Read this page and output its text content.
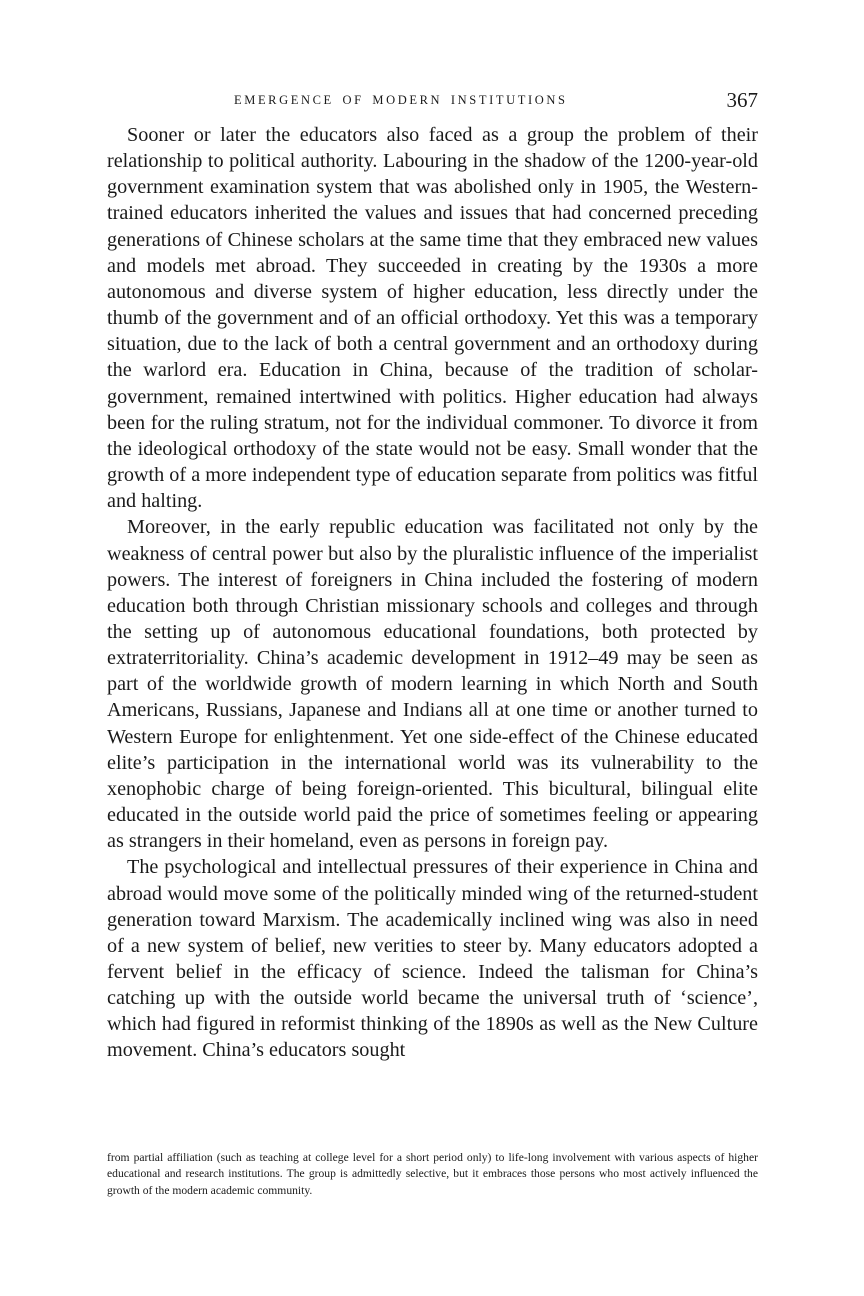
EMERGENCE OF MODERN INSTITUTIONS	367

Sooner or later the educators also faced as a group the problem of their relationship to political authority. Labouring in the shadow of the 1200-year-old government examination system that was abolished only in 1905, the Western-trained educators inherited the values and issues that had concerned preceding generations of Chinese scholars at the same time that they embraced new values and models met abroad. They succeeded in creating by the 1930s a more autonomous and diverse system of higher education, less directly under the thumb of the government and of an official orthodoxy. Yet this was a temporary situation, due to the lack of both a central government and an orthodoxy during the warlord era. Education in China, because of the tradition of scholar-government, remained intertwined with politics. Higher education had always been for the ruling stratum, not for the individual commoner. To divorce it from the ideological orthodoxy of the state would not be easy. Small wonder that the growth of a more independent type of education separate from politics was fitful and halting.

Moreover, in the early republic education was facilitated not only by the weakness of central power but also by the pluralistic influence of the imperialist powers. The interest of foreigners in China included the fostering of modern education both through Christian missionary schools and colleges and through the setting up of autonomous educational foundations, both protected by extraterritoriality. China’s academic development in 1912–49 may be seen as part of the worldwide growth of modern learning in which North and South Americans, Russians, Japanese and Indians all at one time or another turned to Western Europe for enlightenment. Yet one side-effect of the Chinese educated elite’s participation in the international world was its vulnerability to the xenophobic charge of being foreign-oriented. This bicultural, bilingual elite educated in the outside world paid the price of sometimes feeling or appearing as strangers in their homeland, even as persons in foreign pay.

The psychological and intellectual pressures of their experience in China and abroad would move some of the politically minded wing of the returned-student generation toward Marxism. The academically inclined wing was also in need of a new system of belief, new verities to steer by. Many educators adopted a fervent belief in the efficacy of science. Indeed the talisman for China’s catching up with the outside world became the universal truth of ‘science’, which had figured in reformist thinking of the 1890s as well as the New Culture movement. China’s educators sought

from partial affiliation (such as teaching at college level for a short period only) to life-long involvement with various aspects of higher educational and research institutions. The group is admittedly selective, but it embraces those persons who most actively influenced the growth of the modern academic community.
